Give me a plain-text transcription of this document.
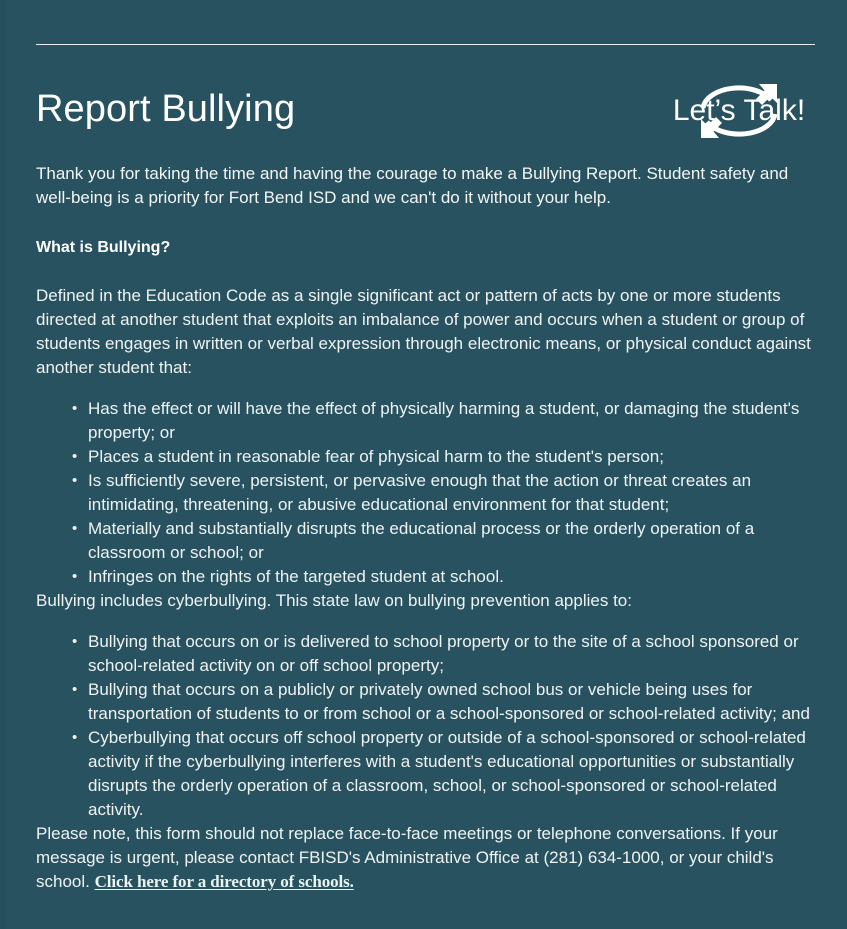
Report Bullying	Let’s Talk!

Thank you for taking the time and having the courage to make a Bullying Report. Student safety and well-being is a priority for Fort Bend ISD and we can't do it without your help.

What is Bullying?

Defined in the Education Code as a single significant act or pattern of acts by one or more students directed at another student that exploits an imbalance of power and occurs when a student or group of students engages in written or verbal expression through electronic means, or physical conduct against another student that:

• Has the effect or will have the effect of physically harming a student, or damaging the student's property; or
• Places a student in reasonable fear of physical harm to the student's person;
• Is sufficiently severe, persistent, or pervasive enough that the action or threat creates an intimidating, threatening, or abusive educational environment for that student;
• Materially and substantially disrupts the educational process or the orderly operation of a classroom or school; or
• Infringes on the rights of the targeted student at school.

Bullying includes cyberbullying. This state law on bullying prevention applies to:

• Bullying that occurs on or is delivered to school property or to the site of a school sponsored or school-related activity on or off school property;
• Bullying that occurs on a publicly or privately owned school bus or vehicle being uses for transportation of students to or from school or a school-sponsored or school-related activity; and
• Cyberbullying that occurs off school property or outside of a school-sponsored or school-related activity if the cyberbullying interferes with a student's educational opportunities or substantially disrupts the orderly operation of a classroom, school, or school-sponsored or school-related activity.

Please note, this form should not replace face-to-face meetings or telephone conversations. If your message is urgent, please contact FBISD's Administrative Office at (281) 634-1000, or your child's school. Click here for a directory of schools.
